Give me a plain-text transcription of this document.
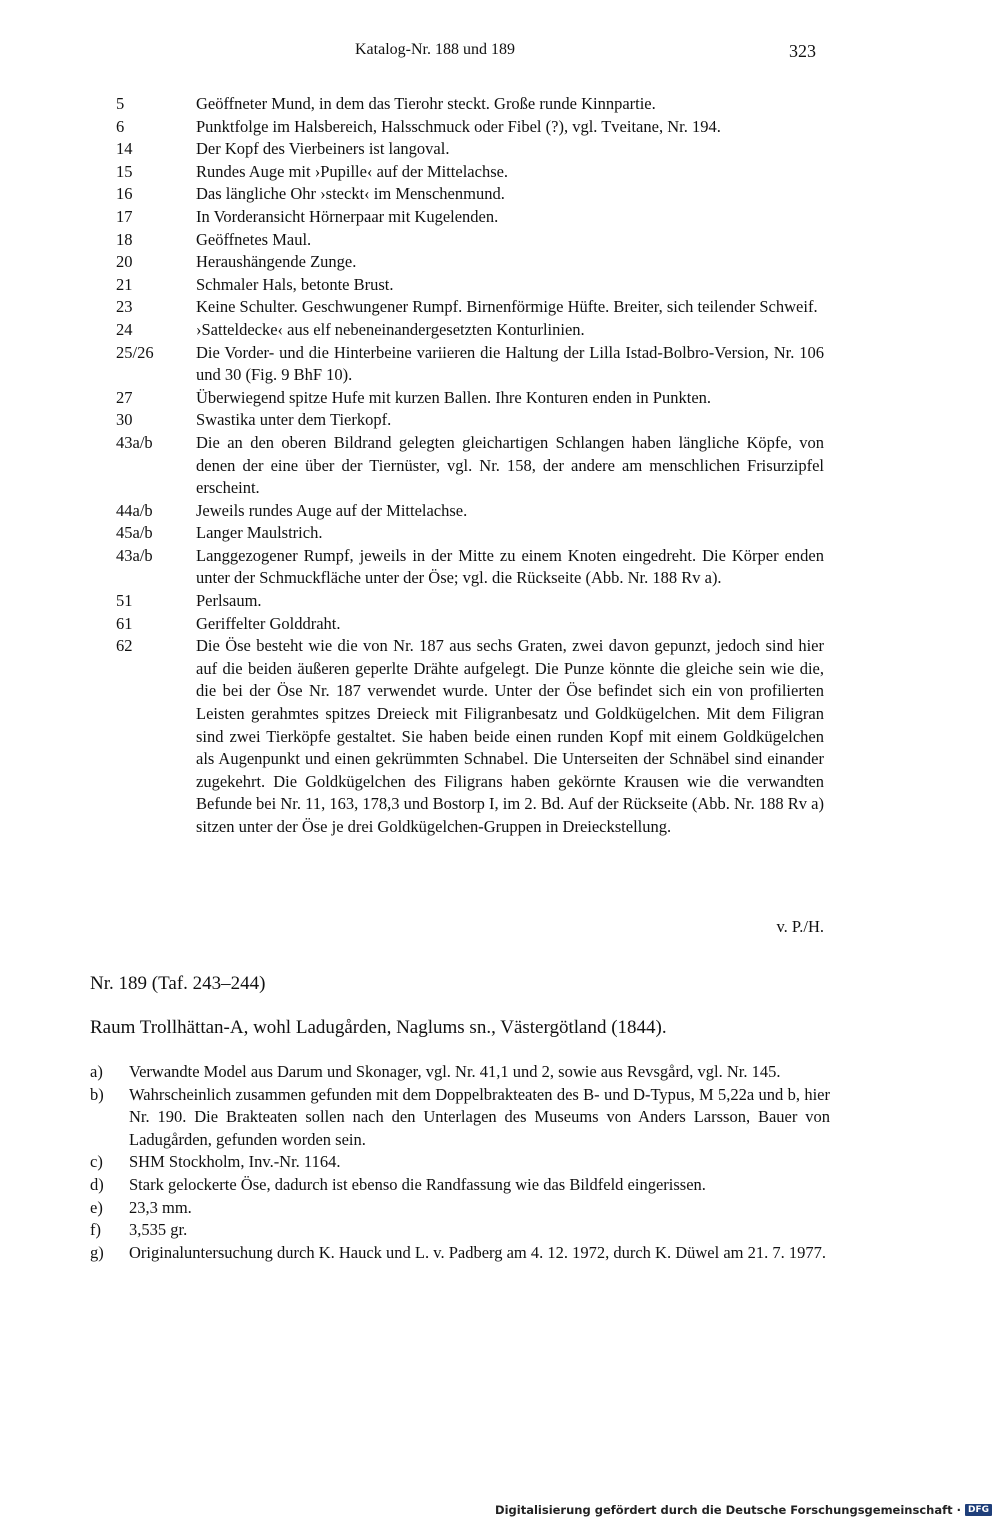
Katalog-Nr. 188 und 189	323
5	Geöffneter Mund, in dem das Tierohr steckt. Große runde Kinnpartie.
6	Punktfolge im Halsbereich, Halsschmuck oder Fibel (?), vgl. Tveitane, Nr. 194.
14	Der Kopf des Vierbeiners ist langoval.
15	Rundes Auge mit ›Pupille‹ auf der Mittelachse.
16	Das längliche Ohr ›steckt‹ im Menschenmund.
17	In Vorderansicht Hörnerpaar mit Kugelenden.
18	Geöffnetes Maul.
20	Heraushängende Zunge.
21	Schmaler Hals, betonte Brust.
23	Keine Schulter. Geschwungener Rumpf. Birnenförmige Hüfte. Breiter, sich teilender Schweif.
24	›Satteldecke‹ aus elf nebeneinandergesetzten Konturlinien.
25/26	Die Vorder- und die Hinterbeine variieren die Haltung der Lilla Istad-Bolbro-Version, Nr. 106 und 30 (Fig. 9 BhF 10).
27	Überwiegend spitze Hufe mit kurzen Ballen. Ihre Konturen enden in Punkten.
30	Swastika unter dem Tierkopf.
43a/b	Die an den oberen Bildrand gelegten gleichartigen Schlangen haben längliche Köpfe, von denen der eine über der Tiernüster, vgl. Nr. 158, der andere am menschlichen Frisurzipfel erscheint.
44a/b	Jeweils rundes Auge auf der Mittelachse.
45a/b	Langer Maulstrich.
43a/b	Langgezogener Rumpf, jeweils in der Mitte zu einem Knoten eingedreht. Die Körper enden unter der Schmuckfläche unter der Öse; vgl. die Rückseite (Abb. Nr. 188 Rv a).
51	Perlsaum.
61	Geriffelter Golddraht.
62	Die Öse besteht wie die von Nr. 187 aus sechs Graten, zwei davon gepunzt, jedoch sind hier auf die beiden äußeren geperlte Drähte aufgelegt. Die Punze könnte die gleiche sein wie die, die bei der Öse Nr. 187 verwendet wurde. Unter der Öse befindet sich ein von profilierten Leisten gerahmtes spitzes Dreieck mit Filigranbesatz und Goldkügelchen. Mit dem Filigran sind zwei Tierköpfe gestaltet. Sie haben beide einen runden Kopf mit einem Goldkügelchen als Augenpunkt und einen gekrümmten Schnabel. Die Unterseiten der Schnäbel sind einander zugekehrt. Die Goldkügelchen des Filigrans haben gekörnte Krausen wie die verwandten Befunde bei Nr. 11, 163, 178,3 und Bostorp I, im 2. Bd. Auf der Rückseite (Abb. Nr. 188 Rv a) sitzen unter der Öse je drei Goldkügelchen-Gruppen in Dreieckstellung.
v. P./H.
Nr. 189 (Taf. 243–244)
Raum Trollhättan-A, wohl Ladugården, Naglums sn., Västergötland (1844).
a)	Verwandte Model aus Darum und Skonager, vgl. Nr. 41,1 und 2, sowie aus Revsgård, vgl. Nr. 145.
b)	Wahrscheinlich zusammen gefunden mit dem Doppelbrakteaten des B- und D-Typus, M 5,22a und b, hier Nr. 190. Die Brakteaten sollen nach den Unterlagen des Museums von Anders Larsson, Bauer von Ladugården, gefunden worden sein.
c)	SHM Stockholm, Inv.-Nr. 1164.
d)	Stark gelockerte Öse, dadurch ist ebenso die Randfassung wie das Bildfeld eingerissen.
e)	23,3 mm.
f)	3,535 gr.
g)	Originaluntersuchung durch K. Hauck und L. v. Padberg am 4. 12. 1972, durch K. Düwel am 21. 7. 1977.
Digitalisierung gefördert durch die Deutsche Forschungsgemeinschaft · DFG
